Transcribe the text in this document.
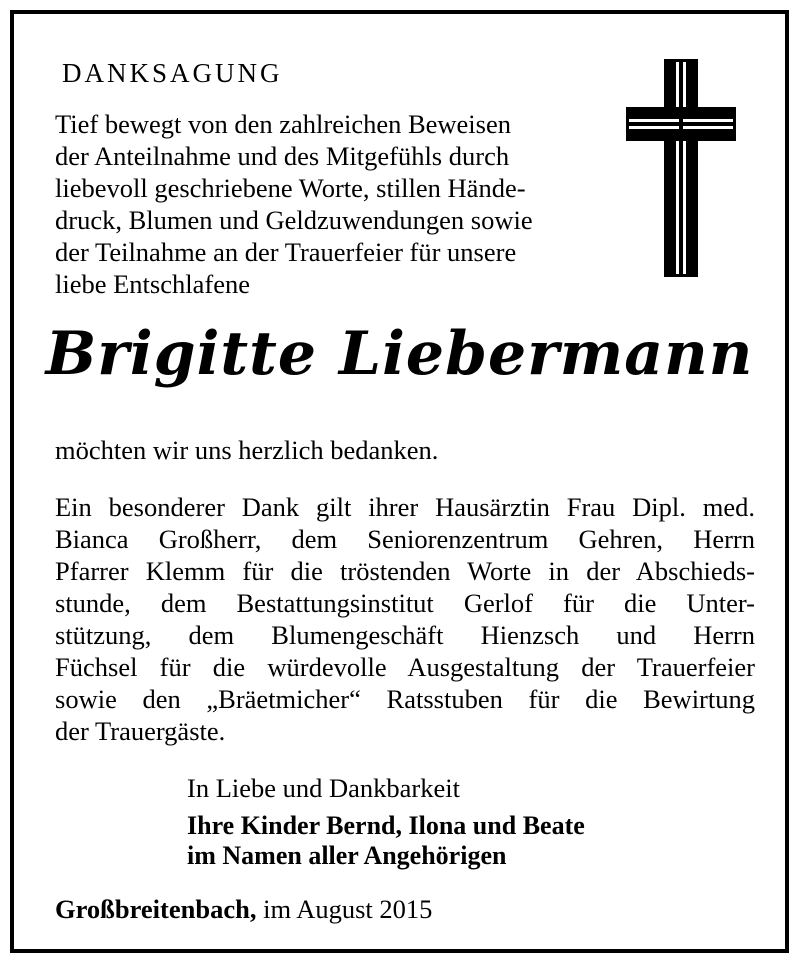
DANKSAGUNG
Tief bewegt von den zahlreichen Beweisen
der Anteilnahme und des Mitgefühls durch
liebevoll geschriebene Worte, stillen Hände-
druck, Blumen und Geldzuwendungen sowie
der Teilnahme an der Trauerfeier für unsere
liebe Entschlafene
Brigitte Liebermann
möchten wir uns herzlich bedanken.
Ein besonderer Dank gilt ihrer Hausärztin Frau Dipl. med.
Bianca Großherr, dem Seniorenzentrum Gehren, Herrn
Pfarrer Klemm für die tröstenden Worte in der Abschieds-
stunde, dem Bestattungsinstitut Gerlof für die Unter-
stützung, dem Blumengeschäft Hienzsch und Herrn
Füchsel für die würdevolle Ausgestaltung der Trauerfeier
sowie den „Bräetmicher“ Ratsstuben für die Bewirtung
der Trauergäste.
In Liebe und Dankbarkeit
Ihre Kinder Bernd, Ilona und Beate
im Namen aller Angehörigen
Großbreitenbach, im August 2015
